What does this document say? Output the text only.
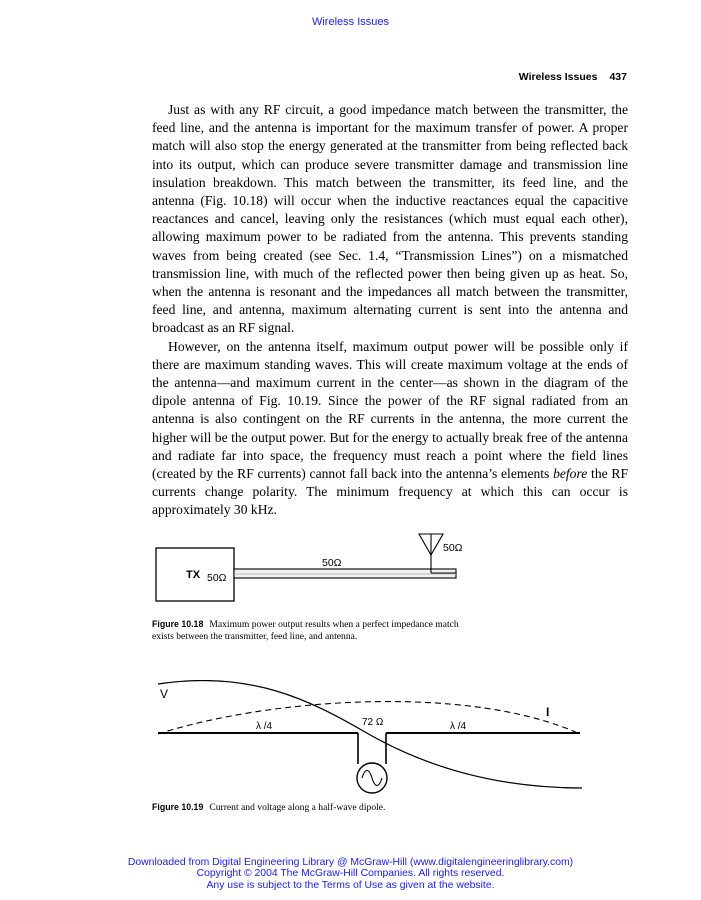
Wireless Issues
Wireless Issues 437

Just as with any RF circuit, a good impedance match between the transmitter, the feed line, and the antenna is important for the maximum transfer of power. A proper match will also stop the energy generated at the transmitter from being reflected back into its output, which can produce severe transmitter damage and transmission line insulation breakdown. This match between the transmitter, its feed line, and the antenna (Fig. 10.18) will occur when the inductive reactances equal the capacitive reactances and cancel, leaving only the resistances (which must equal each other), allowing maximum power to be radiated from the antenna. This prevents standing waves from being created (see Sec. 1.4, “Transmission Lines”) on a mismatched transmission line, with much of the reflected power then being given up as heat. So, when the antenna is resonant and the impedances all match between the transmitter, feed line, and antenna, maximum alternating current is sent into the antenna and broadcast as an RF signal.

However, on the antenna itself, maximum output power will be possible only if there are maximum standing waves. This will create maximum voltage at the ends of the antenna—and maximum current in the center—as shown in the diagram of the dipole antenna of Fig. 10.19. Since the power of the RF signal radiated from an antenna is also contingent on the RF currents in the antenna, the more current the higher will be the output power. But for the energy to actually break free of the antenna and radiate far into space, the frequency must reach a point where the field lines (created by the RF currents) cannot fall back into the antenna’s elements before the RF currents change polarity. The minimum frequency at which this can occur is approximately 30 kHz.

TX 50Ω
50Ω
50Ω
Figure 10.18 Maximum power output results when a perfect impedance match exists between the transmitter, feed line, and antenna.
V
I
λ /4	λ /4
72 Ω
Figure 10.19 Current and voltage along a half-wave dipole.
Downloaded from Digital Engineering Library @ McGraw-Hill (www.digitalengineeringlibrary.com)
Copyright © 2004 The McGraw-Hill Companies. All rights reserved.
Any use is subject to the Terms of Use as given at the website.
